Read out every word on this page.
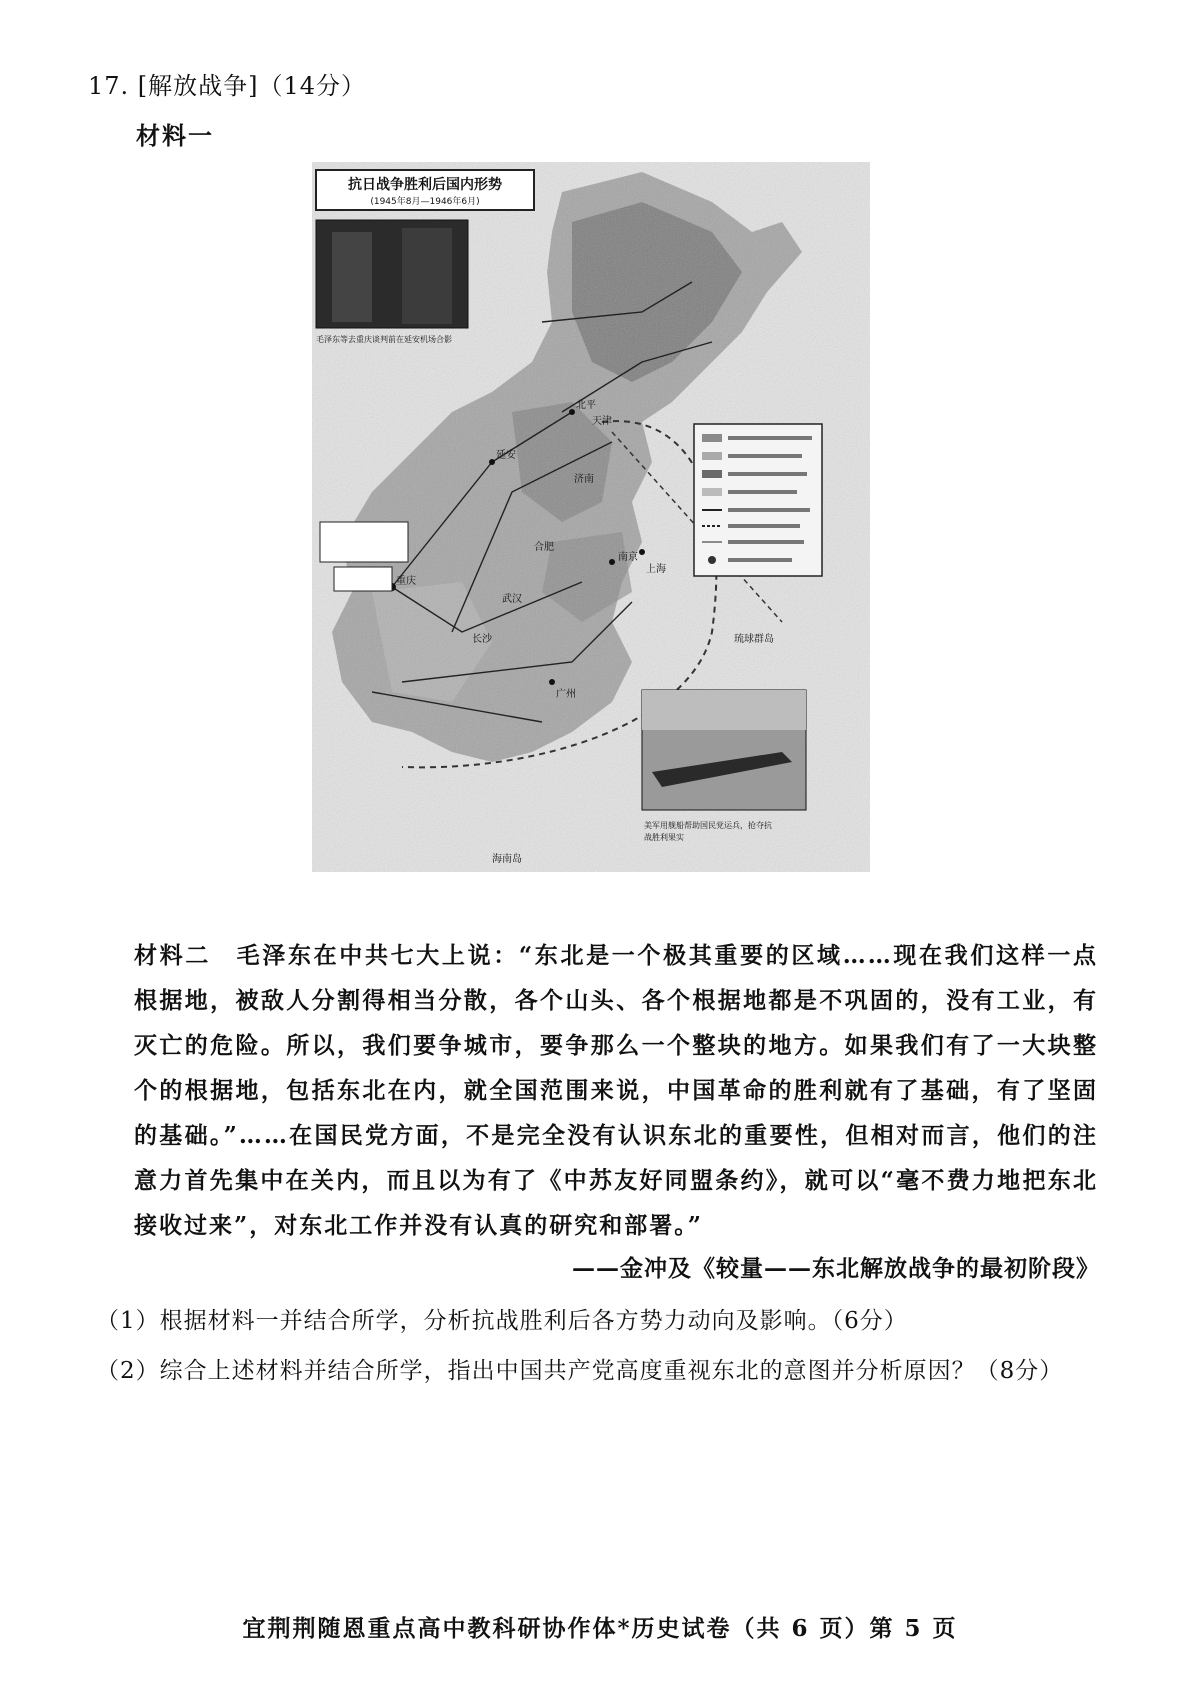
17. [解放战争]（14分）
材料一
抗日战争胜利后国内形势
(1945年8月—1946年6月)
毛泽东等去重庆谈判前在延安机场合影
重庆
延安
南京
北平
天津
上海
广州
济南
合肥
武汉
长沙
海南岛
琉球群岛
美军用舰船帮助国民党运兵，抢夺抗
战胜利果实
材料二　毛泽东在中共七大上说：“东北是一个极其重要的区域……现在我们这样一点根据地，被敌人分割得相当分散，各个山头、各个根据地都是不巩固的，没有工业，有灭亡的危险。所以，我们要争城市，要争那么一个整块的地方。如果我们有了一大块整个的根据地，包括东北在内，就全国范围来说，中国革命的胜利就有了基础，有了坚固的基础。”……在国民党方面，不是完全没有认识东北的重要性，但相对而言，他们的注意力首先集中在关内，而且以为有了《中苏友好同盟条约》，就可以“毫不费力地把东北接收过来”，对东北工作并没有认真的研究和部署。”
——金冲及《较量——东北解放战争的最初阶段》
（1）根据材料一并结合所学，分析抗战胜利后各方势力动向及影响。（6分）
（2）综合上述材料并结合所学，指出中国共产党高度重视东北的意图并分析原因？（8分）
宜荆荆随恩重点高中教科研协作体*历史试卷（共 6 页）第 5 页
